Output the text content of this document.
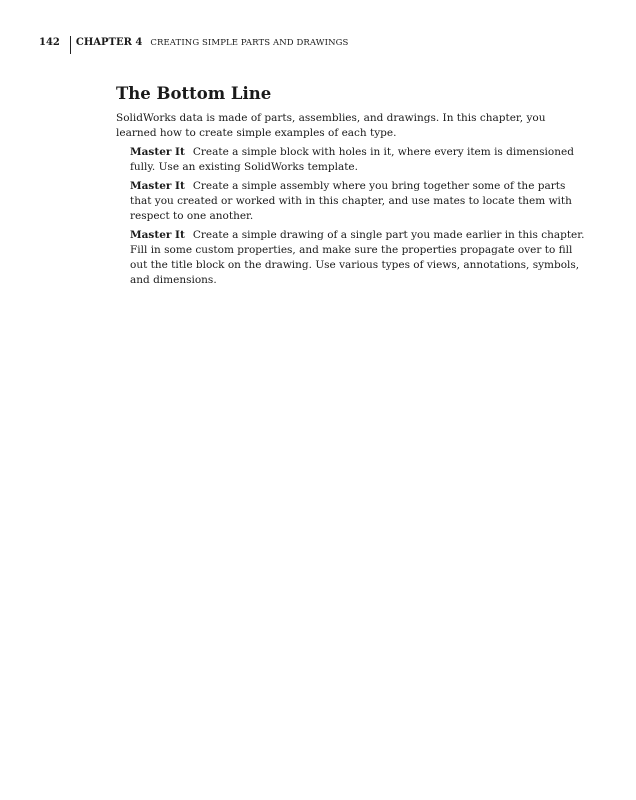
142	CHAPTER 4 CREATING SIMPLE PARTS AND DRAWINGS
The Bottom Line

SolidWorks data is made of parts, assemblies, and drawings. In this chapter, you learned how to create simple examples of each type.

Master It Create a simple block with holes in it, where every item is dimensioned fully. Use an existing SolidWorks template.
Master It Create a simple assembly where you bring together some of the parts that you created or worked with in this chapter, and use mates to locate them with respect to one another.
Master It Create a simple drawing of a single part you made earlier in this chapter. Fill in some custom properties, and make sure the properties propagate over to fill out the title block on the drawing. Use various types of views, annotations, symbols, and dimensions.
